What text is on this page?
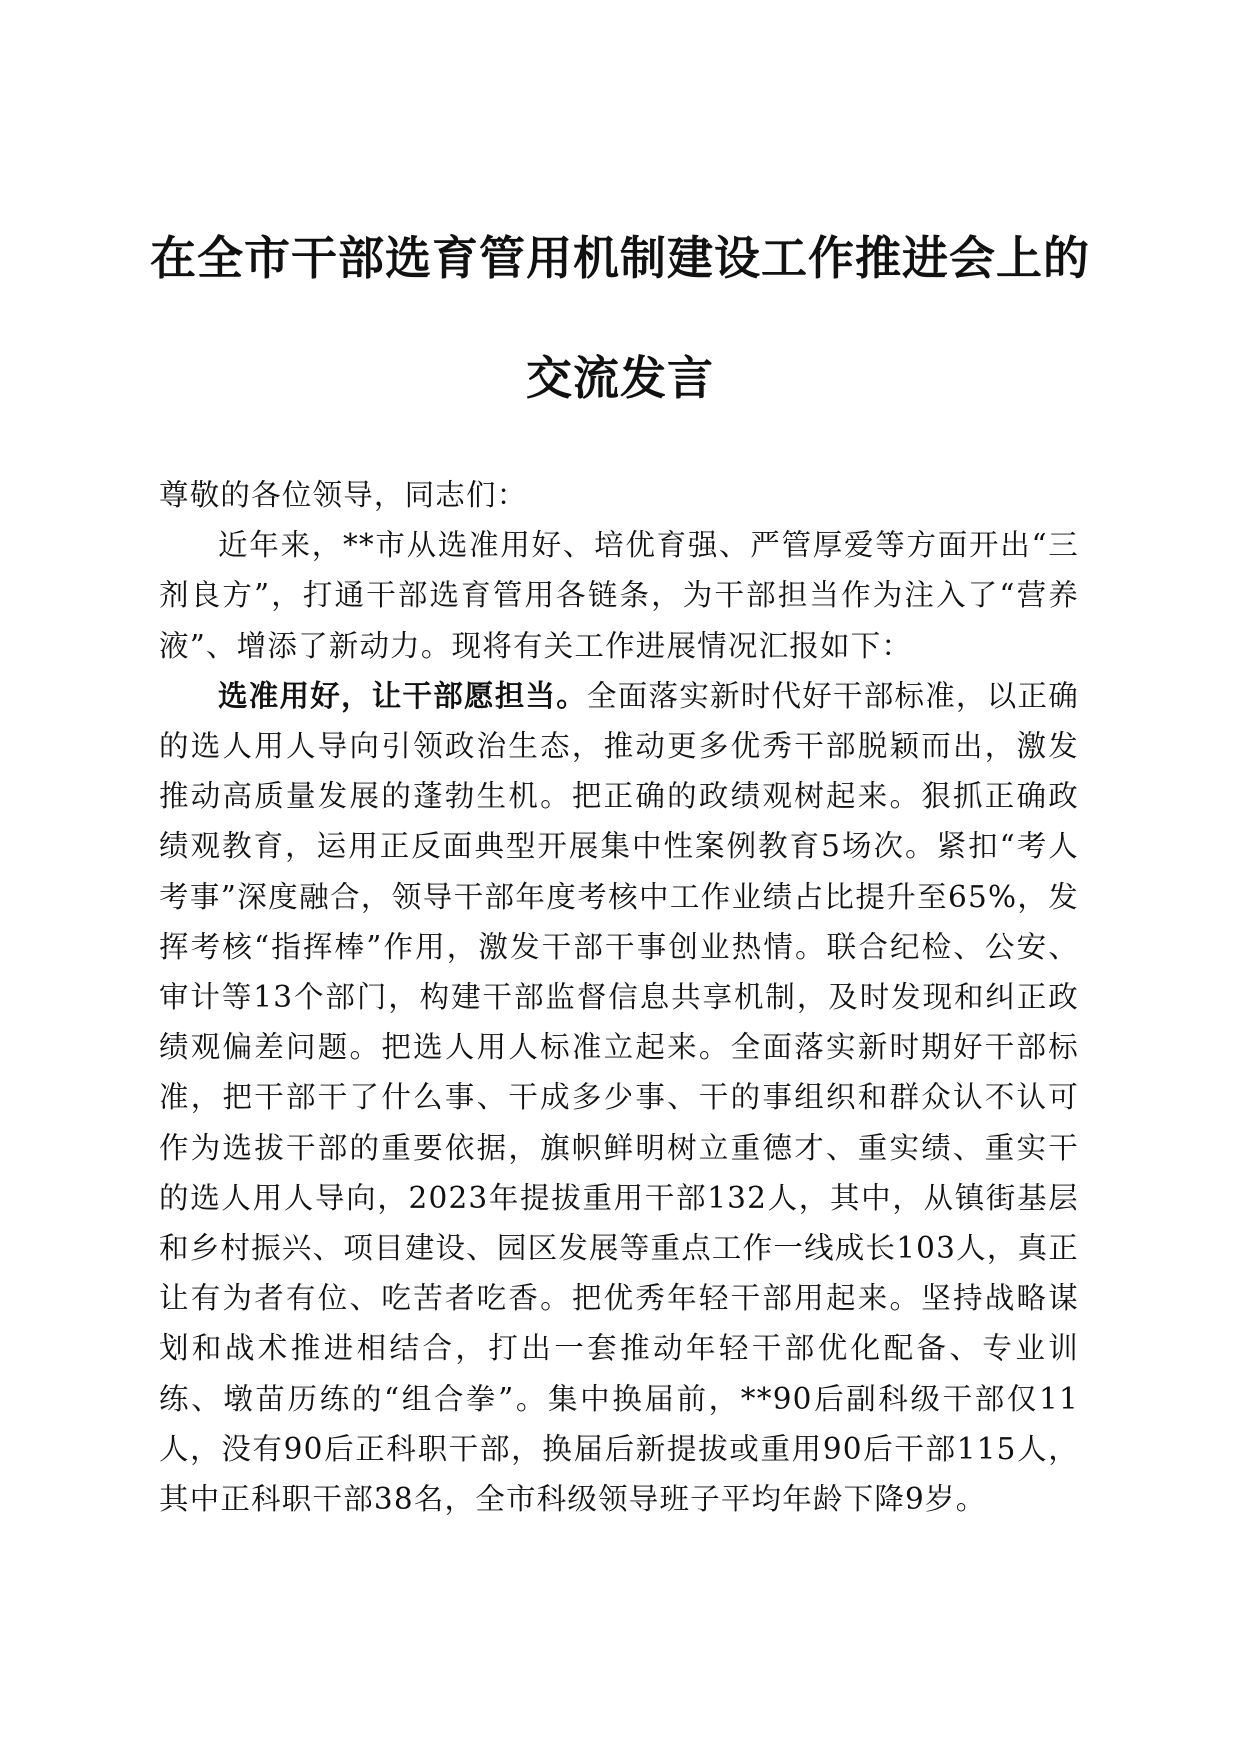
在全市干部选育管用机制建设工作推进会上的
交流发言

尊敬的各位领导，同志们：

近年来，**市从选准用好、培优育强、严管厚爱等方面开出“三剂良方”，打通干部选育管用各链条，为干部担当作为注入了“营养液”、增添了新动力。现将有关工作进展情况汇报如下：

选准用好，让干部愿担当。全面落实新时代好干部标准，以正确的选人用人导向引领政治生态，推动更多优秀干部脱颖而出，激发推动高质量发展的蓬勃生机。把正确的政绩观树起来。狠抓正确政绩观教育，运用正反面典型开展集中性案例教育5场次。紧扣“考人考事”深度融合，领导干部年度考核中工作业绩占比提升至65%，发挥考核“指挥棒”作用，激发干部干事创业热情。联合纪检、公安、审计等13个部门，构建干部监督信息共享机制，及时发现和纠正政绩观偏差问题。把选人用人标准立起来。全面落实新时期好干部标准，把干部干了什么事、干成多少事、干的事组织和群众认不认可作为选拔干部的重要依据，旗帜鲜明树立重德才、重实绩、重实干的选人用人导向，2023年提拔重用干部132人，其中，从镇街基层和乡村振兴、项目建设、园区发展等重点工作一线成长103人，真正让有为者有位、吃苦者吃香。把优秀年轻干部用起来。坚持战略谋划和战术推进相结合，打出一套推动年轻干部优化配备、专业训练、墩苗历练的“组合拳”。集中换届前，**90后副科级干部仅11人，没有90后正科职干部，换届后新提拔或重用90后干部115人，其中正科职干部38名，全市科级领导班子平均年龄下降9岁。
